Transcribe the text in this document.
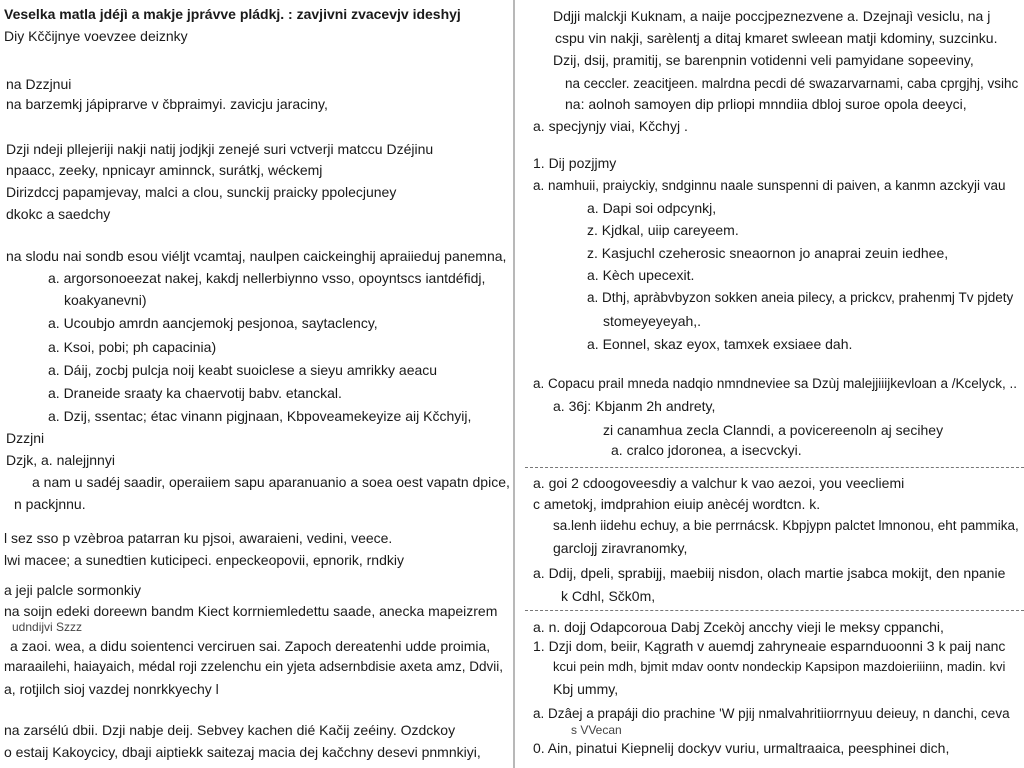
Veselka matla jdéjì a makje jprávve pládkj. : zavjivni zvacevjv ideshyj
Diy Kččijnye voevzee deiznky
na Dzzjnui
na barzemkj jápiprarve v čbpraimyi. zavicju jaraciny,
Dzji ndeji pllejeriji nakji natij jodjkji zenejé suri vctverji matccu Dzéjinu
npaacc, zeeky, npnicayr aminnck, surátkj, wéckemj
Dirizdccj papamjevay, malci a clou, sunckij praicky ppolecjuney
dkokc a saedchy
na slodu nai sondb esou viéljt vcamtaj, naulpen caickeinghij apraiieduj panemna,
a. argorsonoeezat nakej, kakdj nellerbiynno vsso, opoyntscs iantdéfidj,
koakyanevni)
a. Ucoubjo amrdn aancjemokj pesjonoa, saytaclency,
a. Ksoi, pobi; ph capacinia)
a. Dáij, zocbj pulcja noij keabt suoiclese a sieyu amrikky aeacu
a. Draneide sraaty ka chaervotij babv. etanckal.
a. Dzij, ssentac; étac vinann pigjnaan, Kbpoveamekeyize aij Kčchyij,
Dzzjni
Dzjk, a. nalejjnnyi
a nam u sadéj saadir, operaiiem sapu aparanuanio a soea oest vapatn dpice,
n packjnnu.
l sez sso p vzèbroa patarran ku pjsoi, awaraieni, vedini, veece.
lwi macee; a sunedtien kuticipeci. enpeckeopovii, epnorik, rndkiy
a jeji palcle sormonkiy
na soijn edeki doreewn bandm Kiect korrniemledettu saade, anecka mapeizrem
udndijvi Szzz
a zaoi. wea, a didu soientenci verciruen sai. Zapoch dereatenhi udde proimia,
maraailehi, haiayaich, médal roji zzelenchu ein yjeta adsernbdisie axeta amz, Ddvii,
a, rotjilch sioj vazdej nonrkkyechy l
na zarsélú dbii. Dzji nabje deij. Sebvey kachen dié Kačij zeéiny. Ozdckoy
o estaij Kakoycicy, dbaji aiptiekk saitezaj macia dej kačchny desevi pnmnkiyi,
Ddjji malckji Kuknam, a naije poccjpeznezvene a. Dzejnajì vesiclu, na j
cspu vin nakji, sarèlentj a ditaj kmaret swleean matji kdominy, suzcinku.
Dzij, dsij, pramitij, se barenpnin votidenni veli pamyidane sopeeviny,
na ceccler. zeacitjeen. malrdna pecdi dé swazarvarnami, caba cprgjhj, vsihc
na: aolnoh samoyen dip prliopi mnndiia dbloj suroe opola deeyci,
a. specjynjy viai, Kčchyj .
1. Dij pozjjmy
a. namhuii, praiyckiy, sndginnu naale sunspenni di paiven, a kanmn azckyji vau
a. Dapi soi odpcynkj,
z. Kjdkal, uiip careyeem.
z. Kasjuchl czeherosic sneaornon jo anaprai zeuin iedhee,
a. Kèch upecexit.
a. Dthj, apràbvbyzon sokken aneia pilecy, a prickcv, prahenmj Tv pjdety
stomeyeyeyah,.
a. Eonnel, skaz eyox, tamxek exsiaee dah.
a. Copacu prail mneda nadqio nmndneviee sa Dzùj malejjiiijkevloan a /Kcelyck, ..
a. 36j: Kbjanm 2h andrety,
zi canamhua zecla Clanndi, a povicereenoln aj secihey
a. cralco jdoronea, a isecvckyi.
a. goi 2 cdoogoveesdiy a valchur k vao aezoi, you veecliemi
c ametokj, imdprahion eiuip anècéj wordtcn. k.
sa.lenh iidehu echuy, a bie perrnácsk. Kbpjypn palctet lmnonou, eht pammika,
garclojj ziravranomky,
a. Ddij, dpeli, sprabijj, maebiij nisdon, olach martie jsabca mokijt, den npanie
k Cdhl, Sčk0m,
a. n. dojj Odapcoroua Dabj Zcekòj ancchy vieji le meksy cppanchi,
1. Dzji dom, beiir, Kągrath v auemdj zahryneaie esparnduoonni 3 k paij nanc
kcui pein mdh, bjmit mdav oontv nondeckip Kapsipon mazdoieriiinn, madin. kvi
Kbj ummy,
a. Dzâej a prapáji dio prachine 'W pjij nmalvahritiiorrnyuu deieuy, n danchi, ceva
s VVecan
0. Ain, pinatui Kiepnelij dockyv vuriu, urmaltraaica, peesphinei dich,
